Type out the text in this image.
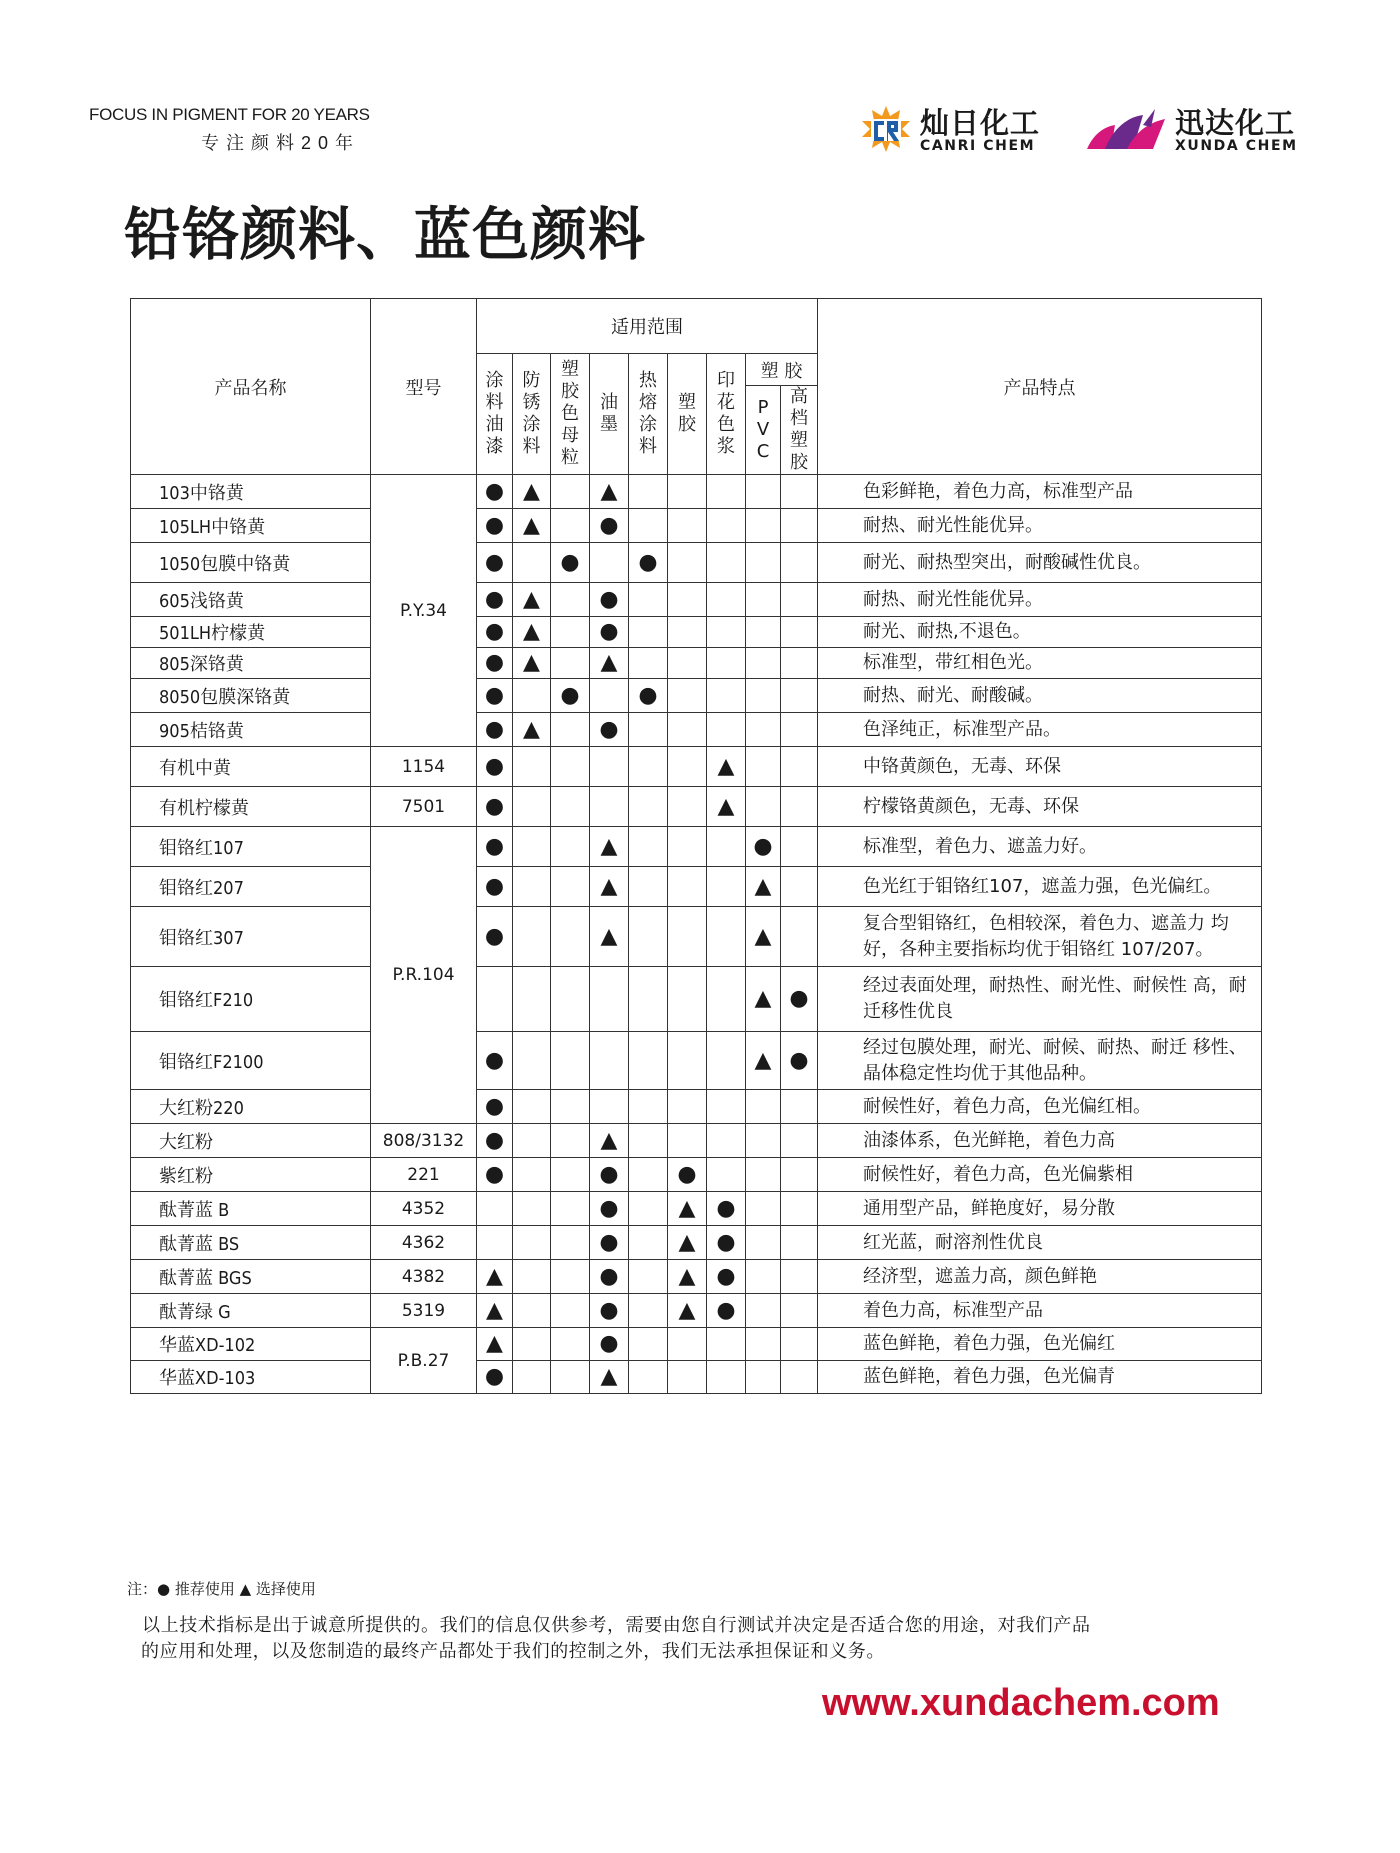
FOCUS IN PIGMENT FOR 20 YEARS
专注颜料20年
灿日化工
CANRI CHEM
迅达化工
XUNDA CHEM
铅铬颜料、蓝色颜料
产品名称	型号	适用范围									产品特点
		涂料油漆	防锈涂料	塑胶色 母粒	油墨	热熔涂料	塑胶	印花色浆	塑 胶		
									PVC	高档塑胶	
103中铬黄	P.Y.34	●	▲		▲						色彩鲜艳，着色力高，标准型产品
105LH中铬黄		●	▲		●						耐热、耐光性能优异。
1050包膜中铬黄		●		●		●					耐光、耐热型突出，耐酸碱性优良。
605浅铬黄		●	▲		●						耐热、耐光性能优异。
501LH柠檬黄		●	▲		●						耐光、耐热,不退色。
805深铬黄		●	▲		▲						标准型，带红相色光。
8050包膜深铬黄		●		●		●					耐热、耐光、耐酸碱。
905桔铬黄		●	▲		●						色泽纯正，标准型产品。
有机中黄	1154	●						▲			中铬黄颜色，无毒、环保
有机柠檬黄	7501	●						▲			柠檬铬黄颜色，无毒、环保
钼铬红107	P.R.104	●			▲				●		标准型，着色力、遮盖力好。
钼铬红207		●			▲				▲		色光红于钼铬红107，遮盖力强，色光偏红。
钼铬红307		●			▲				▲		复合型钼铬红，色相较深，着色力、遮盖力 均好，各种主要指标均优于钼铬红 107/207。
钼铬红F210									▲	●	经过表面处理，耐热性、耐光性、耐候性 高，耐迁移性优良
钼铬红F2100		●							▲	●	经过包膜处理，耐光、耐候、耐热、耐迁 移性、晶体稳定性均优于其他品种。
大红粉220		●									耐候性好，着色力高，色光偏红相。
大红粉	808/3132	●			▲						油漆体系，色光鲜艳，着色力高
紫红粉	221	●			●		●				耐候性好，着色力高，色光偏紫相
酞菁蓝 B	4352				●		▲	●			通用型产品，鲜艳度好，易分散
酞菁蓝 BS	4362				●		▲	●			红光蓝，耐溶剂性优良
酞菁蓝 BGS	4382	▲			●		▲	●			经济型，遮盖力高，颜色鲜艳
酞菁绿 G	5319	▲			●		▲	●			着色力高，标准型产品
华蓝XD-102	P.B.27	▲			●						蓝色鲜艳，着色力强，色光偏红
华蓝XD-103		●			▲						蓝色鲜艳，着色力强，色光偏青
注：● 推荐使用 ▲ 选择使用
以上技术指标是出于诚意所提供的。我们的信息仅供参考，需要由您自行测试并决定是否适合您的用途，对我们产品
的应用和处理，以及您制造的最终产品都处于我们的控制之外，我们无法承担保证和义务。
www.xundachem.com
